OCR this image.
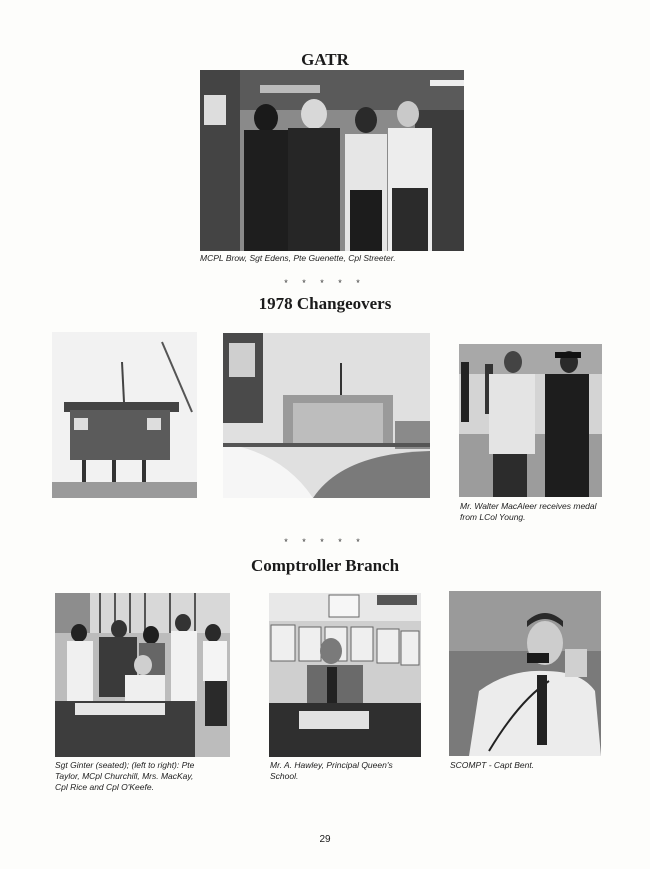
GATR
MCPL Brow, Sgt Edens, Pte Guenette, Cpl Streeter.
* * * * *
1978 Changeovers
Mr. Walter MacAleer receives medal from LCol Young.
* * * * *
Comptroller Branch
Sgt Ginter (seated); (left to right): Pte Taylor, MCpl Churchill, Mrs. MacKay, Cpl Rice and Cpl O'Keefe.
Mr. A. Hawley, Principal Queen's School.
SCOMPT - Capt Bent.
29
